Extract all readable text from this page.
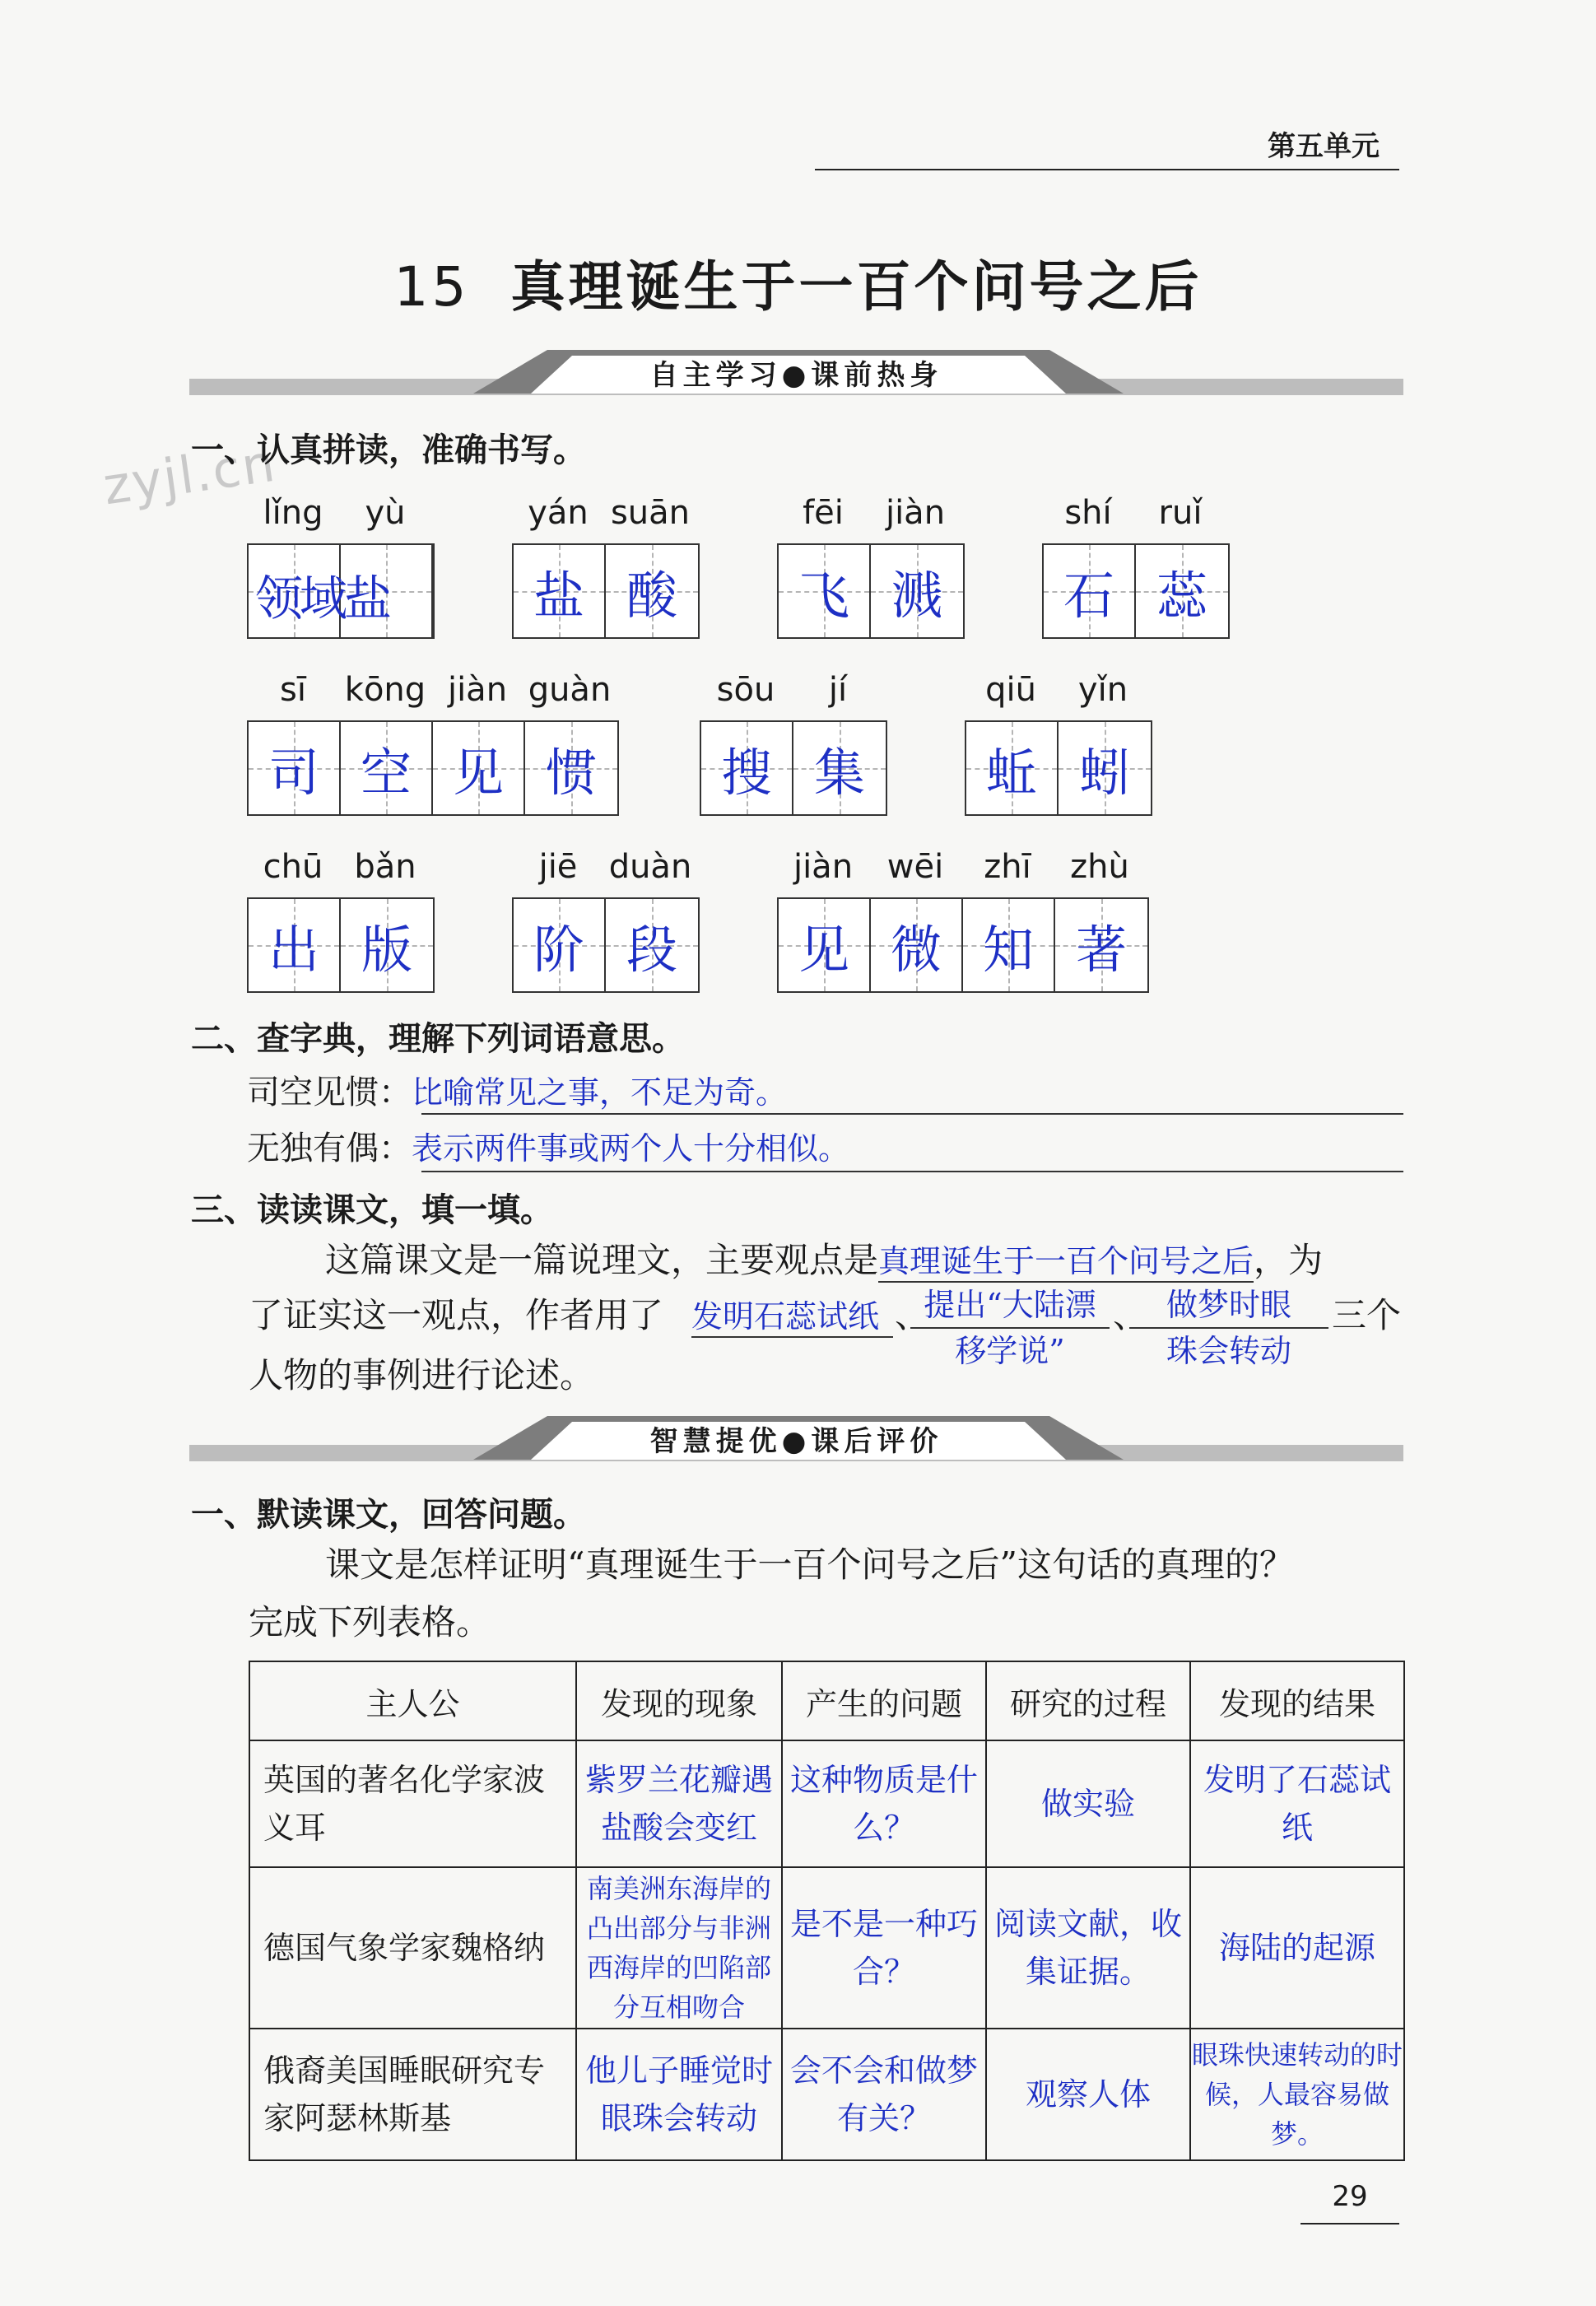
第五单元
15 真理诞生于一百个问号之后
自主学习●课前热身
zyjl.cn
一、认真拼读，准确书写。
lǐng	yù
领域盐
yán suān
盐 酸
fēi	jiàn
飞 溅
shí	ruǐ
石 蕊
sī	kōng jiàn guàn
司 空 见 惯
sōu	jí
搜 集
qiū	yǐn
蚯 蚓
chū bǎn
出 版
jiē duàn
阶 段
jiàn	wēi	zhī	zhù
见 微 知 著
二、查字典，理解下列词语意思。
司空见惯：比喻常见之事，不足为奇。
无独有偶：表示两件事或两个人十分相似。
三、读读课文，填一填。
这篇课文是一篇说理文，主要观点是真理诞生于一百个问号之后，为
了证实这一观点，作者用了 发明石蕊试纸 、
提出“大陆漂
移学说”
、 做梦时眼
珠会转动
三个
人物的事例进行论述。
智慧提优●课后评价
一、默读课文，回答问题。
课文是怎样证明“真理诞生于一百个问号之后”这句话的真理的？
完成下列表格。
主人公	发现的现象	产生的问题	研究的过程	发现的结果
英国的著名化学家波义耳	紫罗兰花瓣遇盐酸会变红	这种物质是什么？	做实验	发明了石蕊试纸
德国气象学家魏格纳	南美洲东海岸的凸出部分与非洲西海岸的凹陷部分互相吻合	是不是一种巧合？	阅读文献，收集证据。	海陆的起源
俄裔美国睡眠研究专家阿瑟林斯基	他儿子睡觉时眼珠会转动	会不会和做梦有关？	观察人体	眼珠快速转动的时候，人最容易做梦。
29
